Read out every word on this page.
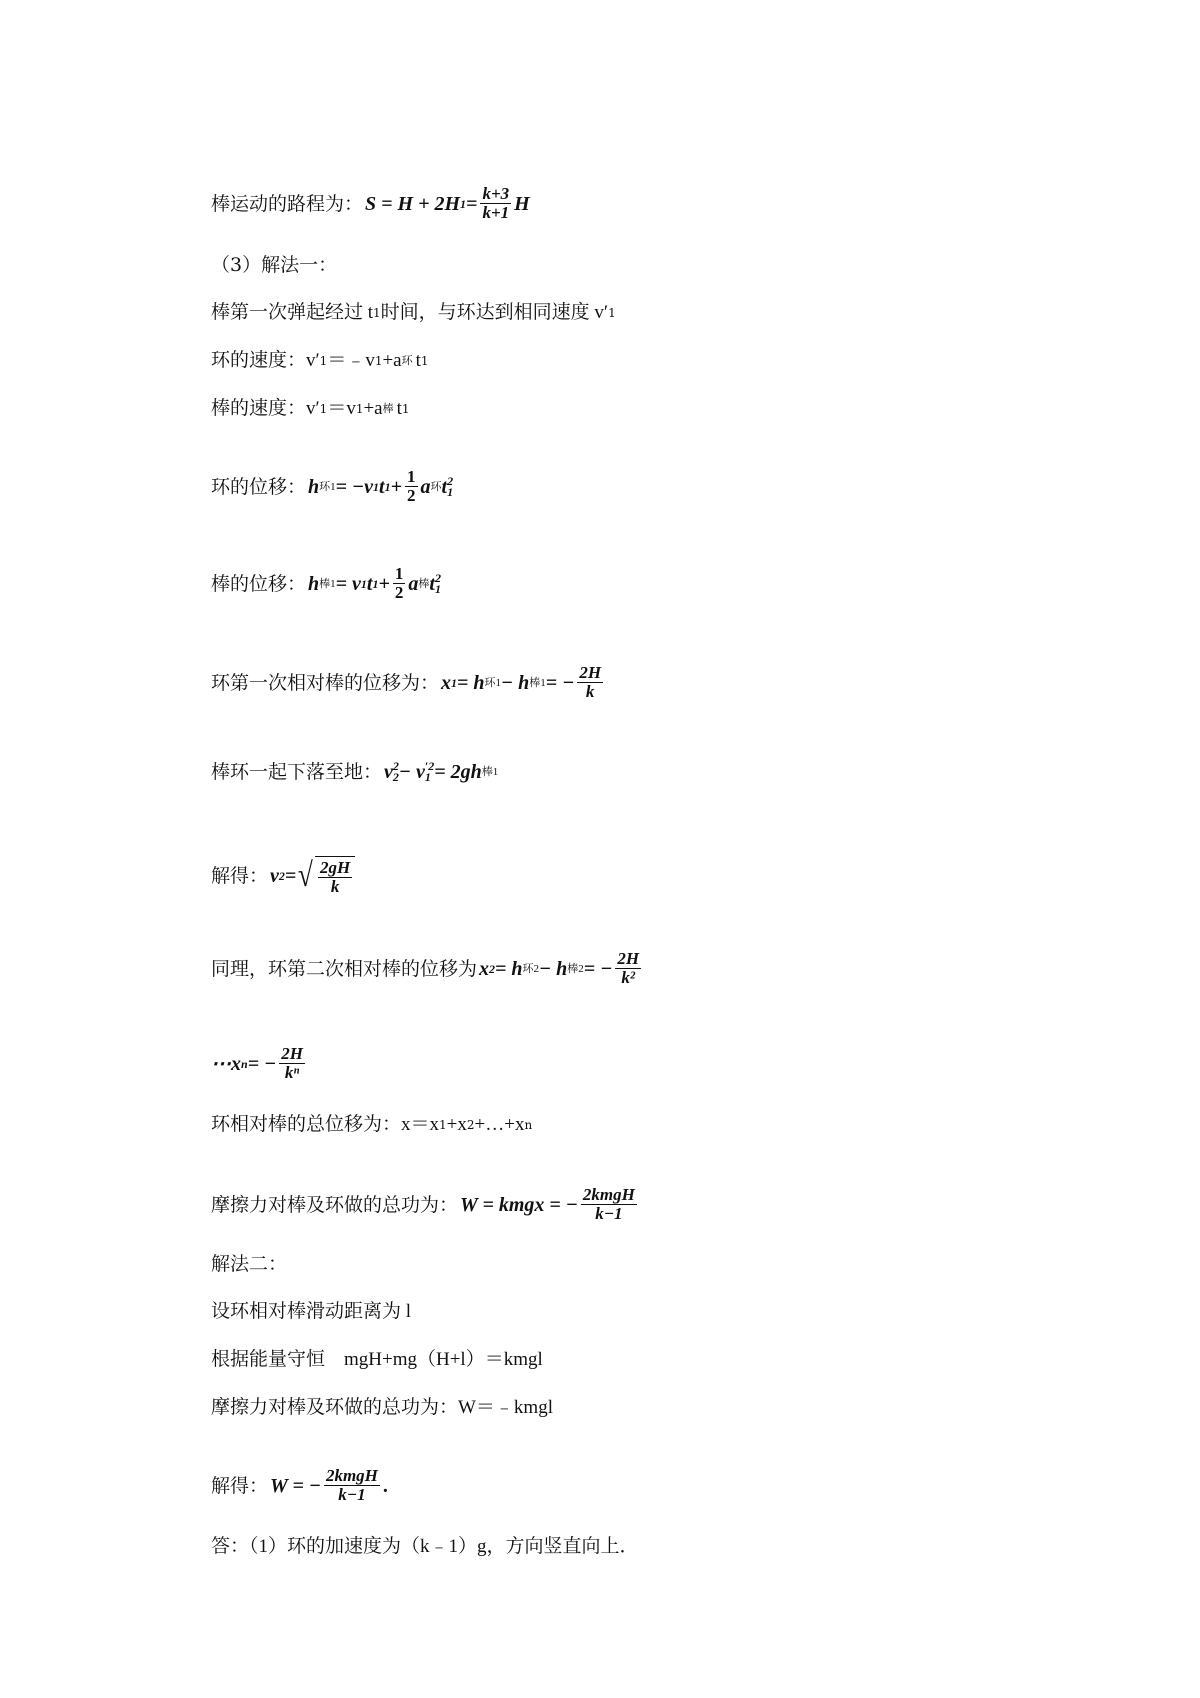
棒运动的路程为： S = H + 2H $1 = \frac{k+3}{k+1}$ H
（3）解法一：
棒第一次弹起经过 t 1 时间，与环达到相同速度 v′ 1
环的速度：v′ 1 ＝﹣v 1 +a 环 t 1
棒的速度：v′ 1 ＝v 1 +a 棒 t 1
环的位移： h 环1 = −v 1 t $1 + \frac{1}{2}$ a 环 t 2
1
棒的位移： h 棒1 = v 1 t $1 + \frac{1}{2}$ a 棒 t 2
1
环第一次相对棒的位移为： x 1 = h 环1 − h 棒1 = − $\frac{2H}{k}$
棒环一起下落至地： v 2
2 − v ′2
1 = 2gh 棒1
解得： v 2 = √ $\frac{2gH}{k}$
同理，环第二次相对棒的位移为 x 2 = h 环2 − h 棒2 = − $\frac{2H}{\text{k²}}$
⋯x n = − $\frac{2H}{\text{kⁿ}}$
环相对棒的总位移为：x＝x 1 +x 2 +…+x n
摩擦力对棒及环做的总功为： W = kmgx = − $\frac{\text{2kmgH}}{k-1}$
解法二：
设环相对棒滑动距离为 l
根据能量守恒　mgH+mg（H+l）＝kmgl
摩擦力对棒及环做的总功为：W＝﹣kmgl
解得： W = − $\frac{\text{2kmgH}}{k-1}$ .
答：（1）环的加速度为（k﹣1）g，方向竖直向上．
